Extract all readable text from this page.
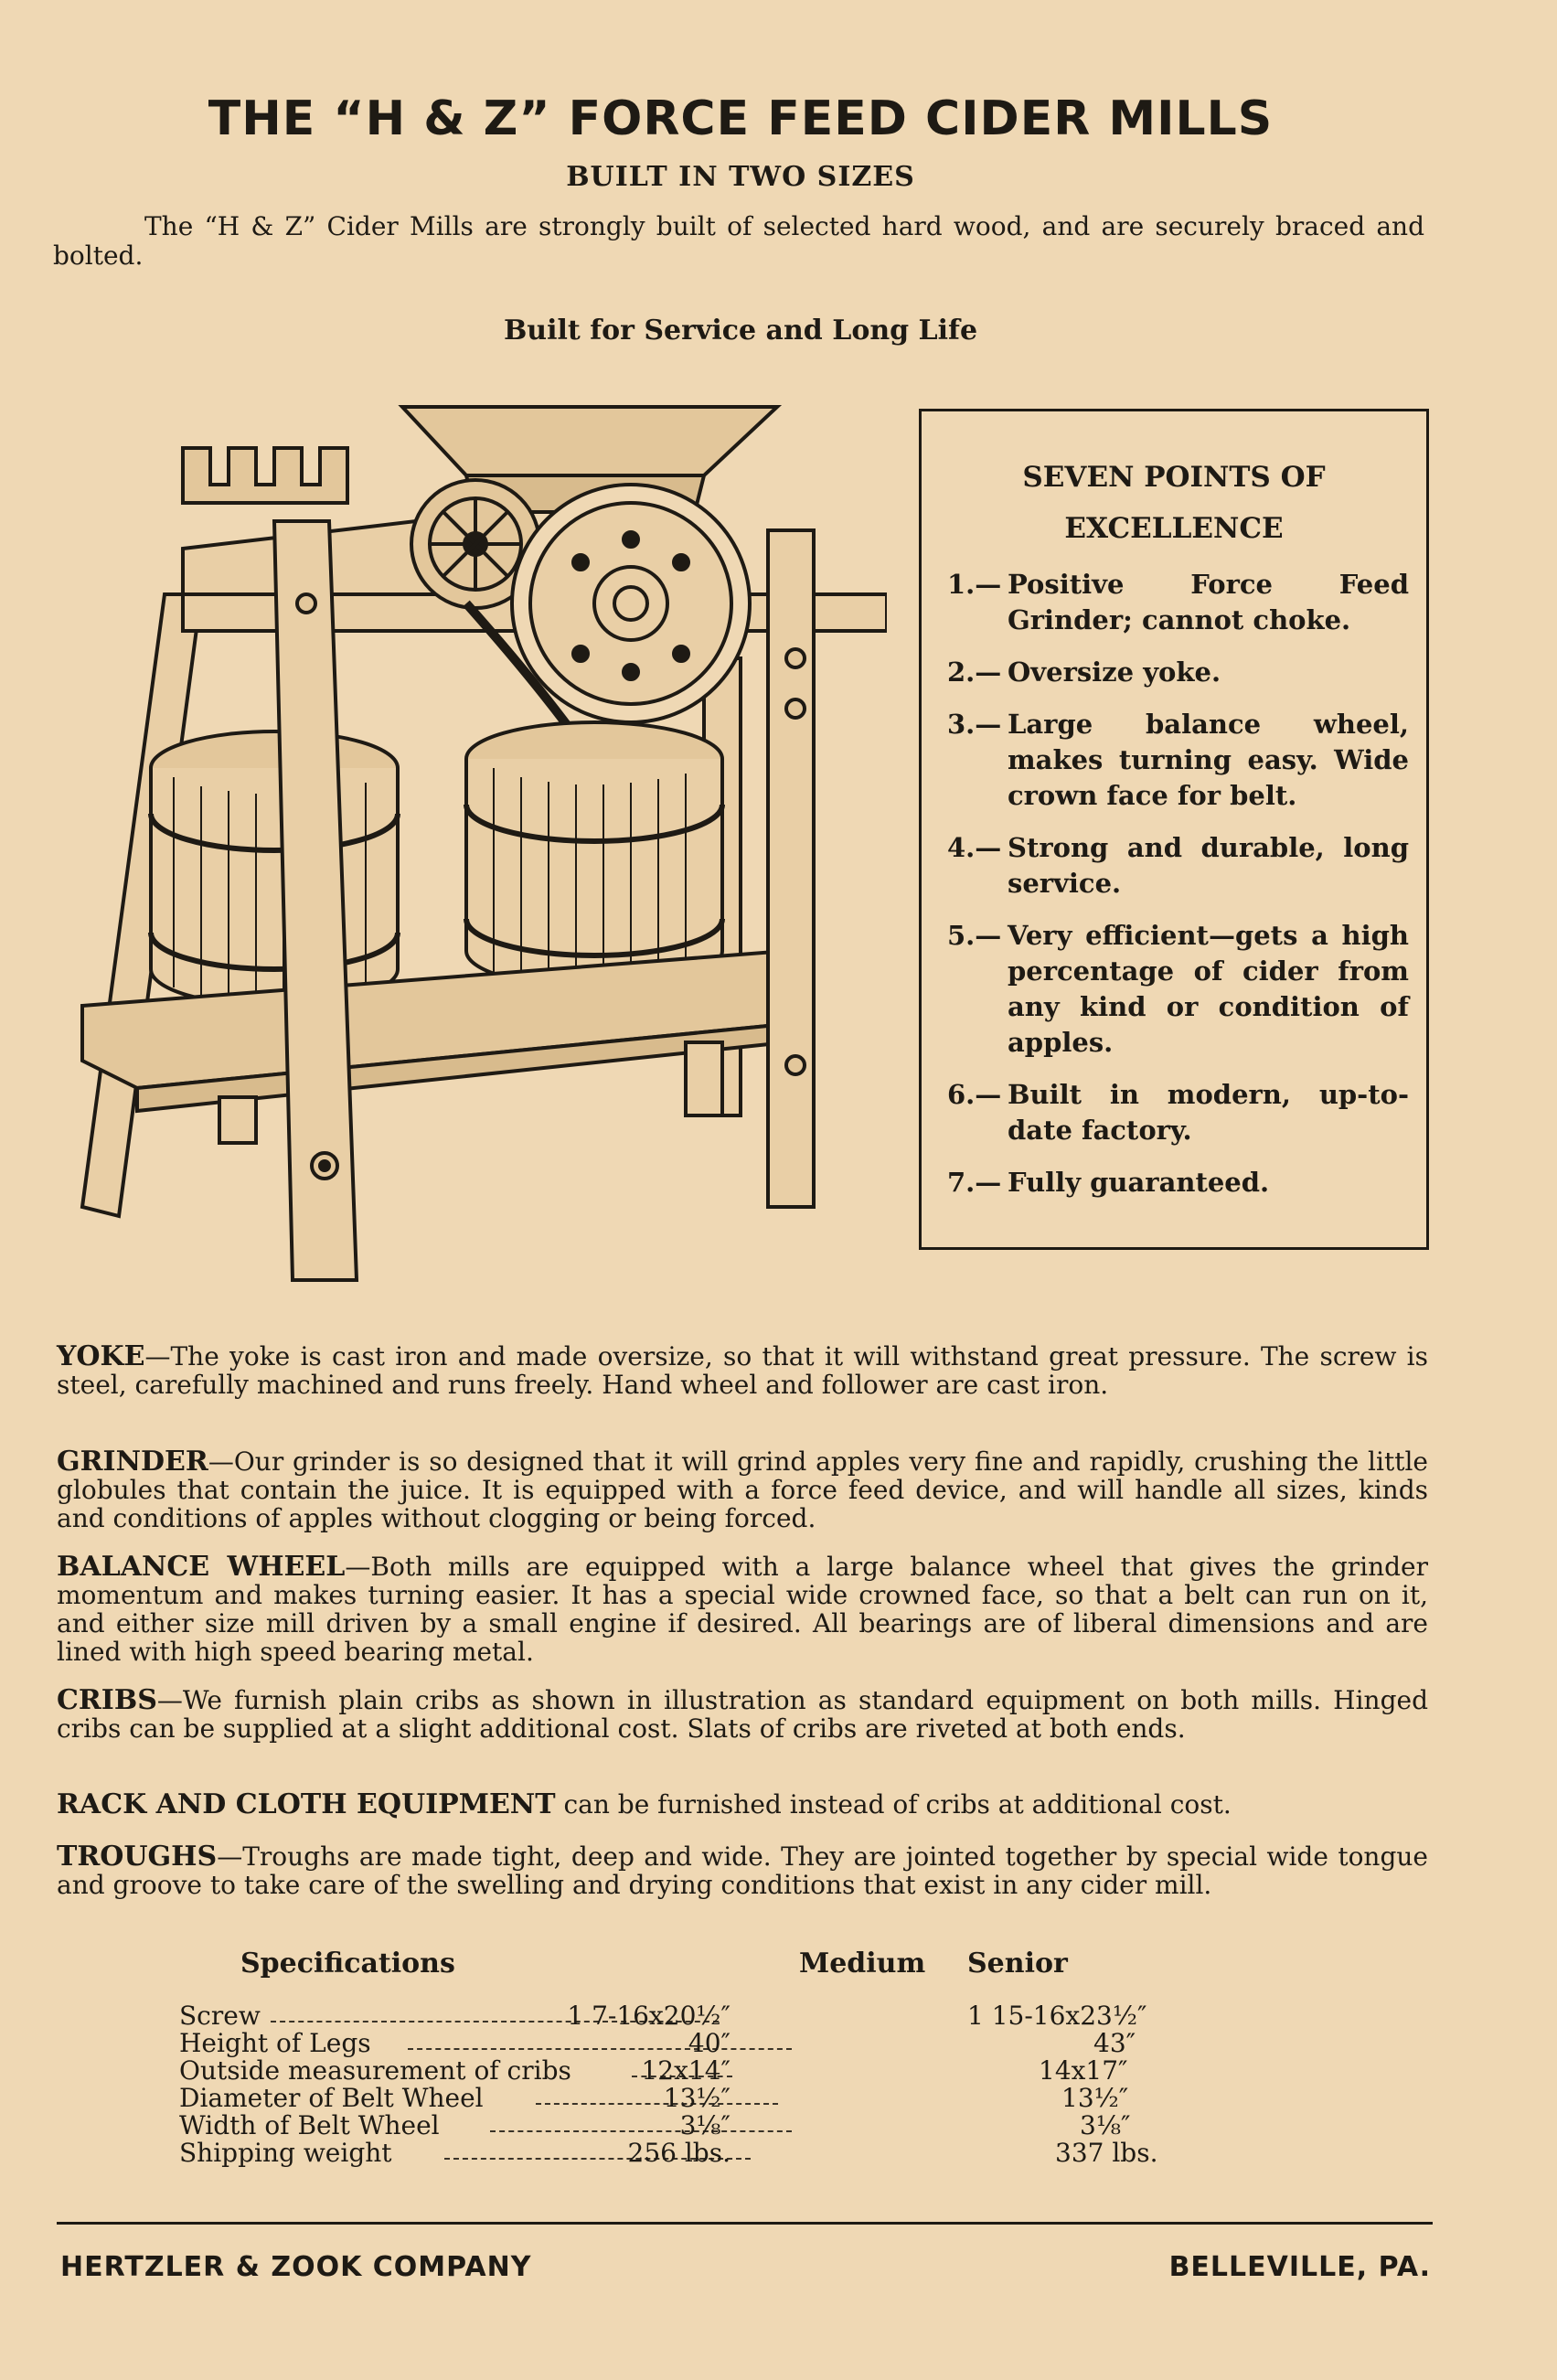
THE “H & Z” FORCE FEED CIDER MILLS
BUILT IN TWO SIZES
The “H & Z” Cider Mills are strongly built of selected hard wood, and are securely braced and bolted.
Built for Service and Long Life
SEVEN POINTS OF
EXCELLENCE
1.— Positive Force Feed Grinder; cannot choke.
2.— Oversize yoke.
3.— Large balance wheel, makes turning easy. Wide crown face for belt.
4.— Strong and durable, long service.
5.— Very efficient—gets a high percentage of cider from any kind or condition of apples.
6.— Built in modern, up-to-date factory.
7.— Fully guaranteed.
YOKE—The yoke is cast iron and made oversize, so that it will withstand great pressure. The screw is steel, carefully machined and runs freely. Hand wheel and follower are cast iron.
GRINDER—Our grinder is so designed that it will grind apples very fine and rapidly, crushing the little globules that contain the juice. It is equipped with a force feed device, and will handle all sizes, kinds and conditions of apples without clogging or being forced.
BALANCE WHEEL—Both mills are equipped with a large balance wheel that gives the grinder momentum and makes turning easier. It has a special wide crowned face, so that a belt can run on it, and either size mill driven by a small engine if desired. All bearings are of liberal dimensions and are lined with high speed bearing metal.
CRIBS—We furnish plain cribs as shown in illustration as standard equipment on both mills. Hinged cribs can be supplied at a slight additional cost. Slats of cribs are riveted at both ends.
RACK AND CLOTH EQUIPMENT can be furnished instead of cribs at additional cost.
TROUGHS—Troughs are made tight, deep and wide. They are jointed together by special wide tongue and groove to take care of the swelling and drying conditions that exist in any cider mill.
Specifications	Medium Senior
Screw	1 7-16x20½″	1 15-16x23½″
Height of Legs	40″	43″
Outside measurement of cribs	12x14″	14x17″
Diameter of Belt Wheel	13½″	13½″
Width of Belt Wheel	3⅛″	3⅛″
Shipping weight	256 lbs.	337 lbs.
HERTZLER & ZOOK COMPANY	BELLEVILLE, PA.
